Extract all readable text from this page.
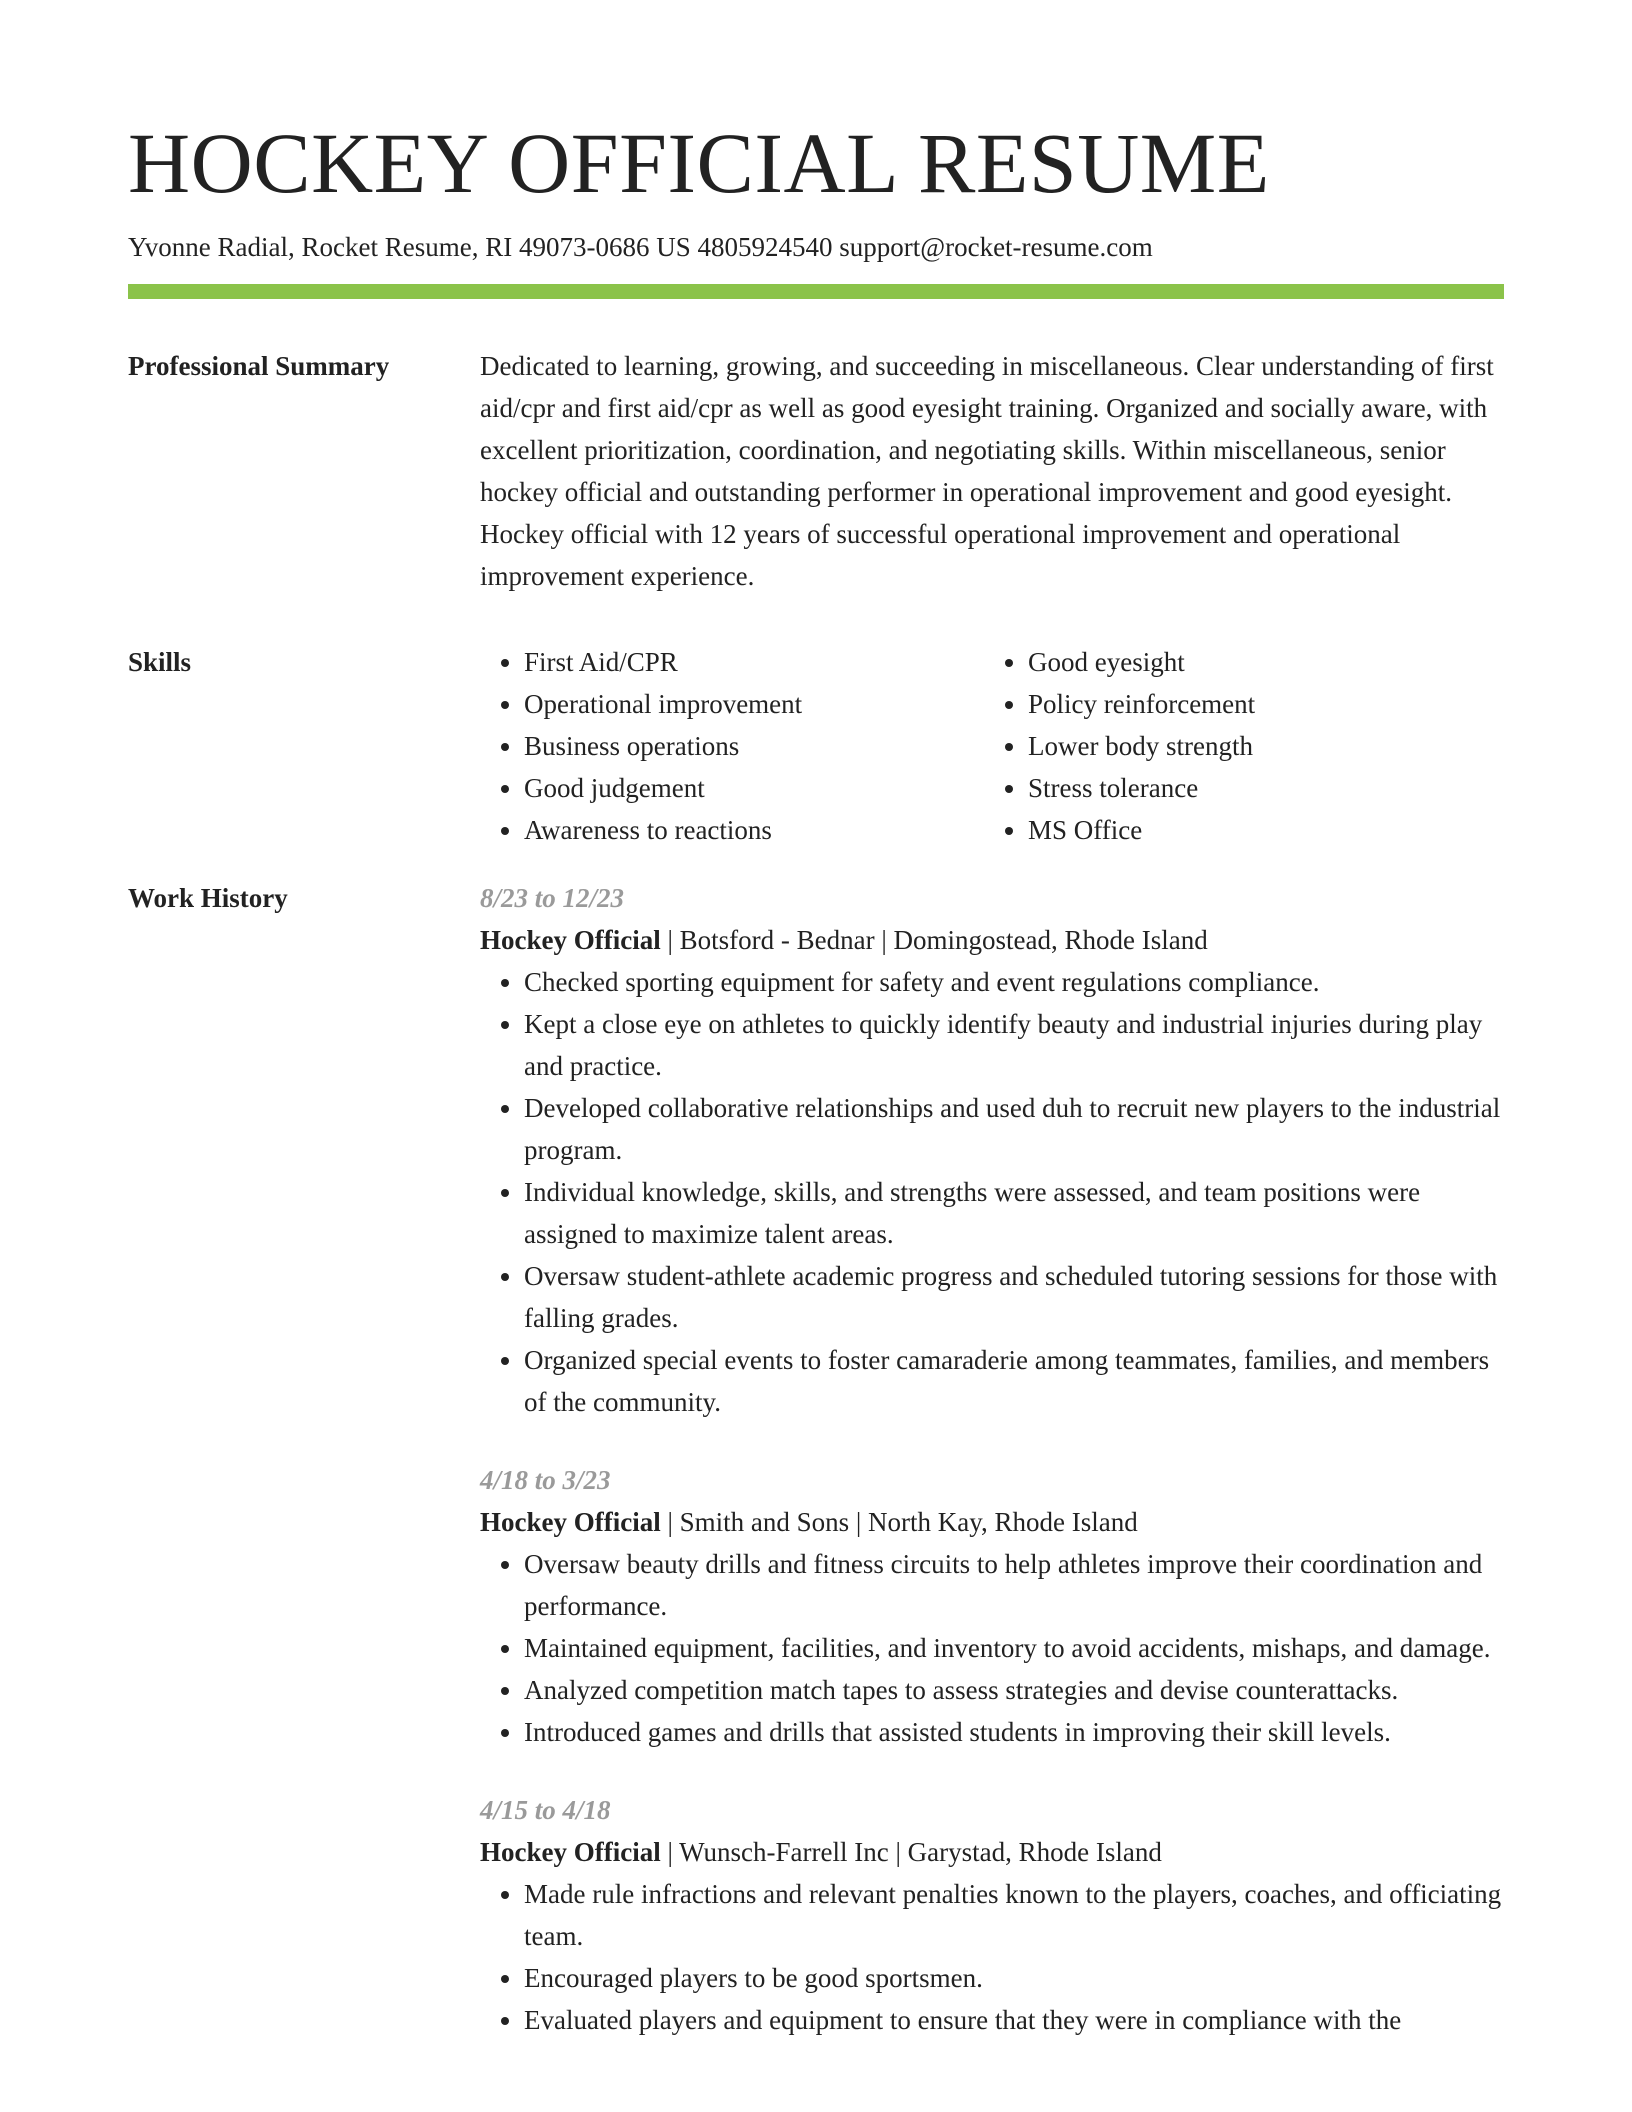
HOCKEY OFFICIAL RESUME
Yvonne Radial, Rocket Resume, RI 49073-0686 US 4805924540 support@rocket-resume.com
Professional Summary	Dedicated to learning, growing, and succeeding in miscellaneous. Clear understanding of first aid/cpr and first aid/cpr as well as good eyesight training. Organized and socially aware, with excellent prioritization, coordination, and negotiating skills. Within miscellaneous, senior hockey official and outstanding performer in operational improvement and good eyesight. Hockey official with 12 years of successful operational improvement and operational improvement experience.

Skills
•	First Aid/CPR
• Operational improvement
• Business operations
• Good judgement
• Awareness to reactions
• Good eyesight
• Policy reinforcement
• Lower body strength
• Stress tolerance
• MS Office
Work History	8/23 to 12/23
Hockey Official | Botsford - Bednar | Domingostead, Rhode Island
• Checked sporting equipment for safety and event regulations compliance.
• Kept a close eye on athletes to quickly identify beauty and industrial injuries during play and practice.
• Developed collaborative relationships and used duh to recruit new players to the industrial program.
• Individual knowledge, skills, and strengths were assessed, and team positions were assigned to maximize talent areas.
• Oversaw student-athlete academic progress and scheduled tutoring sessions for those with falling grades.
• Organized special events to foster camaraderie among teammates, families, and members of the community.
4/18 to 3/23
Hockey Official | Smith and Sons | North Kay, Rhode Island
• Oversaw beauty drills and fitness circuits to help athletes improve their coordination and performance.
• Maintained equipment, facilities, and inventory to avoid accidents, mishaps, and damage.
• Analyzed competition match tapes to assess strategies and devise counterattacks.
• Introduced games and drills that assisted students in improving their skill levels.
4/15 to 4/18
Hockey Official | Wunsch-Farrell Inc | Garystad, Rhode Island
• Made rule infractions and relevant penalties known to the players, coaches, and officiating team.
• Encouraged players to be good sportsmen.
• Evaluated players and equipment to ensure that they were in compliance with the
